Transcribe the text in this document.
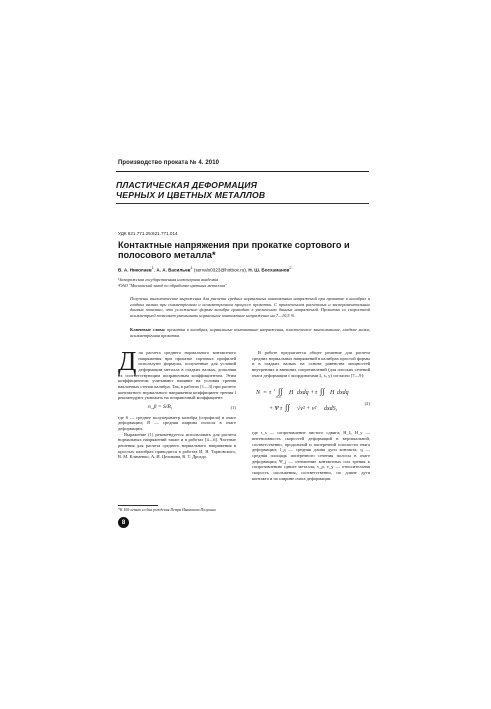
Производство проката № 4. 2010
ПЛАСТИЧЕСКАЯ ДЕФОРМАЦИЯ
ЧЕРНЫХ И ЦВЕТНЫХ МЕТАЛЛОВ
УДК 621.771.25:621.771.014
Контактные напряжения при прокатке сортового и полосового металла*
В. А. Николаев$^1$, А. А. Васильев$^1$ (servalo0323@hotbox.ru), Н. Ш. Босхаманов$^2$
¹Запорожская государственная инженерная академия
²ОАО "Московский завод по обработке цветных металлов"
Получены аналитические выражения для расчета средних нормальных контактных напряжений при прокатке в калибрах и гладких валках при симметричном и асимметричном процессе прокатки. С привлечением расчетных и экспериментальных данных показано, что усложнение формы калибра приводит к увеличению данных напряжений. Прокатка со скоростной асимметрией позволяет уменьшить нормальное контактное напряжение на 7—10,5 %.
Ключевые слова: прокатка в калибрах, нормальные контактные напряжения, пластическое заневоливание, гладкие валки, асимметричная прокатка.

Для расчета среднего нормального контактного напряжения при прокатке сортовых профилей используют формулы, полученные для условий деформации металла в гладких валках, дополняя их соответствующим поправочным коэффициентом. Этим коэффициентом учитывают влияние на условия трения наклонных стенок калибра. Так, в работах [1—3] при расчете контактного нормального напряжения коэффициент трения f рекомендуют умножать на поправочный коэффициент:

n_β = S/B,	(1)

где S — среднее полупериметр калибра (сорофила) в очаге деформации; B — средняя ширина полосы в очаге деформации.

Выражение (1) рекомендуется использовать для расчета нормальных напряжений также и в работах [4—6]. Частные решения для расчета среднего нормального напряжения в простых калибрах приводятся в работах И. Я. Тарновского, В. М. Клименко, А. И. Целикова, В. Т. Дроздо.

В работе предлагается общее решение для расчета средних нормальных напряжений в калибрах простой формы и в гладких валках на основе равенства мощностей внутренних и внешних сопротивлений (для плоских сечений очага деформации с координатами ξ, x, y) согласно [7—9]:

N = τ l
0 0
∫∫ H dxdq + τ ∫∫ H dxdq
+ Ψ τ ∫∫ √v² + v² dxdS,
(2)

где τ_s — сопротивление чистого сдвига; H_ξ, H_y — интенсивность скоростей деформаций в вертикальной, соответственно, продольной и поперечной плоскости очага деформации; l_д — средняя длина дуги контакта; q — средняя площадь поперечного сечения полосы в очаге деформации; Ψ_j — отношение контактных сил трения к сопротивлению сдвиге металла; v_ρ, v_y — относительная скорость скольжения, соответственно, по длине дуги контакта и по ширине очага деформации.

*К 100-летию со дня рождения Петра Ивановича Полухина
8
